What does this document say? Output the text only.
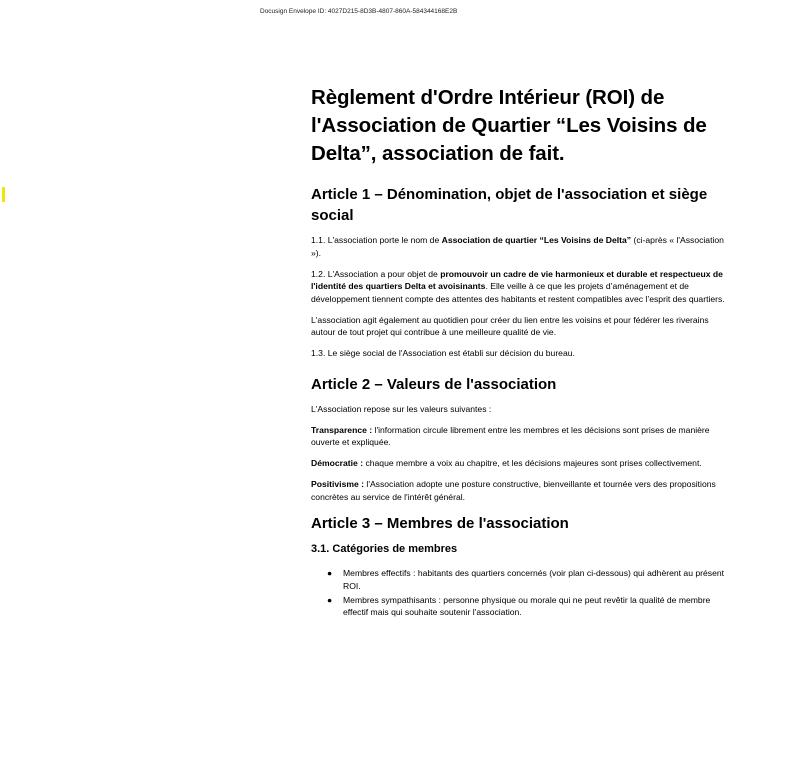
Docusign Envelope ID: 4027D215-8D3B-4807-860A-584344168E2B
Règlement d'Ordre Intérieur (ROI) de l'Association de Quartier “Les Voisins de Delta”, association de fait.
Article 1 – Dénomination, objet de l'association et siège social

1.1. L'association porte le nom de Association de quartier “Les Voisins de Delta” (ci-après « l'Association »).

1.2. L'Association a pour objet de promouvoir un cadre de vie harmonieux et durable et respectueux de l'identité des quartiers Delta et avoisinants. Elle veille à ce que les projets d’aménagement et de développement tiennent compte des attentes des habitants et restent compatibles avec l’esprit des quartiers.

L'association agit également au quotidien pour créer du lien entre les voisins et pour fédérer les riverains autour de tout projet qui contribue à une meilleure qualité de vie.

1.3. Le siège social de l'Association est établi sur décision du bureau.

Article 2 – Valeurs de l'association

L'Association repose sur les valeurs suivantes :

Transparence : l'information circule librement entre les membres et les décisions sont prises de manière ouverte et expliquée.

Démocratie : chaque membre a voix au chapitre, et les décisions majeures sont prises collectivement.

Positivisme : l'Association adopte une posture constructive, bienveillante et tournée vers des propositions concrètes au service de l'intérêt général.

Article 3 – Membres de l'association
3.1. Catégories de membres
● Membres effectifs : habitants des quartiers concernés (voir plan ci-dessous) qui adhèrent au présent ROI.
● Membres sympathisants : personne physique ou morale qui ne peut revêtir la qualité de membre effectif mais qui souhaite soutenir l'association.
